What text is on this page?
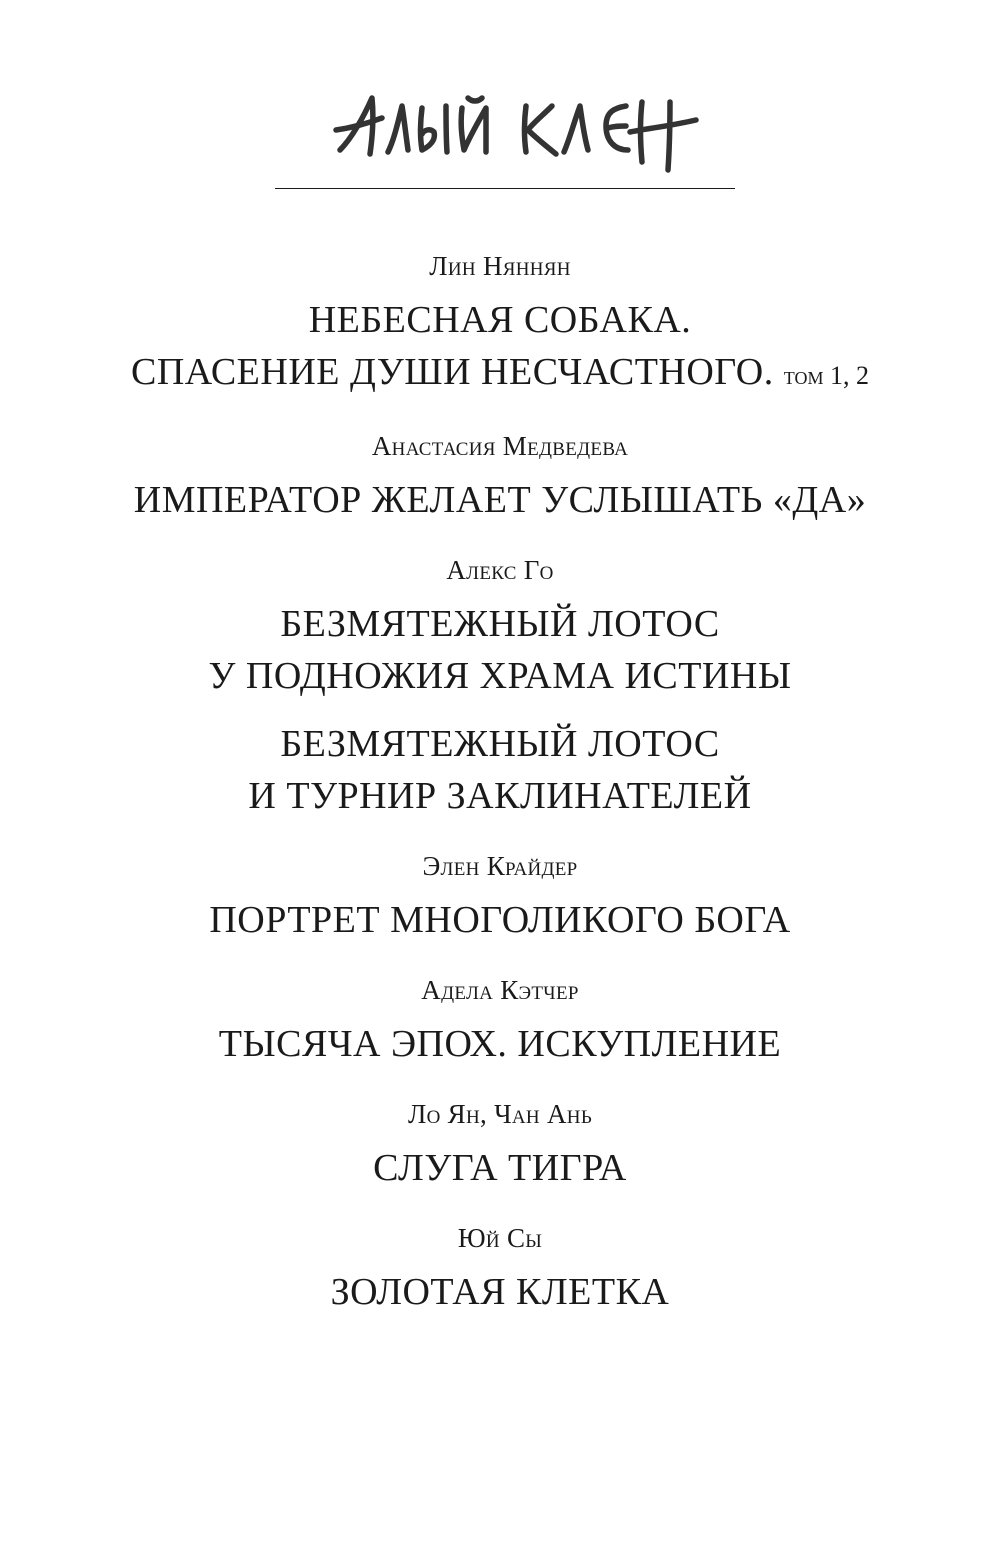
Лин Няннян

НЕБЕСНАЯ СОБАКА.

СПАСЕНИЕ ДУШИ НЕСЧАСТНОГО. том 1, 2

Анастасия Медведева

ИМПЕРАТОР ЖЕЛАЕТ УСЛЫШАТЬ «ДА»

Алекс Го

БЕЗМЯТЕЖНЫЙ ЛОТОС

У ПОДНОЖИЯ ХРАМА ИСТИНЫ

БЕЗМЯТЕЖНЫЙ ЛОТОС

И ТУРНИР ЗАКЛИНАТЕЛЕЙ

Элен Крайдер

ПОРТРЕТ МНОГОЛИКОГО БОГА

Адела Кэтчер

ТЫСЯЧА ЭПОХ. ИСКУПЛЕНИЕ

Ло Ян, Чан Ань

СЛУГА ТИГРА

Юй Сы

ЗОЛОТАЯ КЛЕТКА
